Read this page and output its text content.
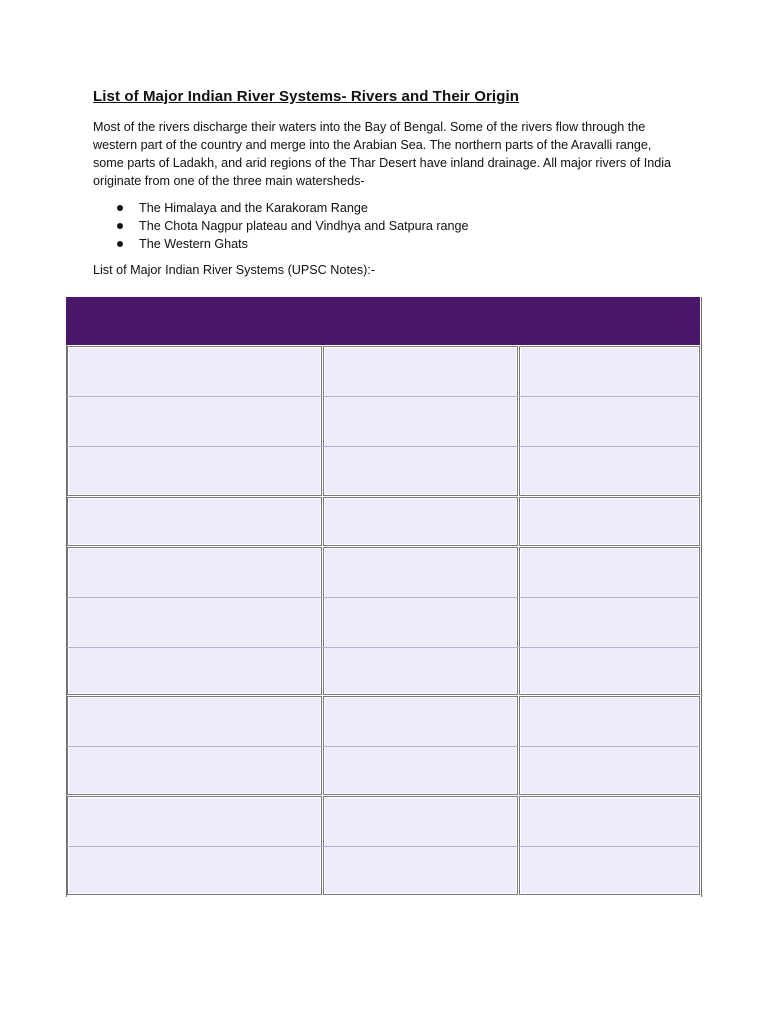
List of Major Indian River Systems- Rivers and Their Origin
Most of the rivers discharge their waters into the Bay of Bengal. Some of the rivers flow through the western part of the country and merge into the Arabian Sea. The northern parts of the Aravalli range, some parts of Ladakh, and arid regions of the Thar Desert have inland drainage. All major rivers of India originate from one of the three main watersheds-
The Himalaya and the Karakoram Range
The Chota Nagpur plateau and Vindhya and Satpura range
The Western Ghats
List of Major Indian River Systems (UPSC Notes):-
